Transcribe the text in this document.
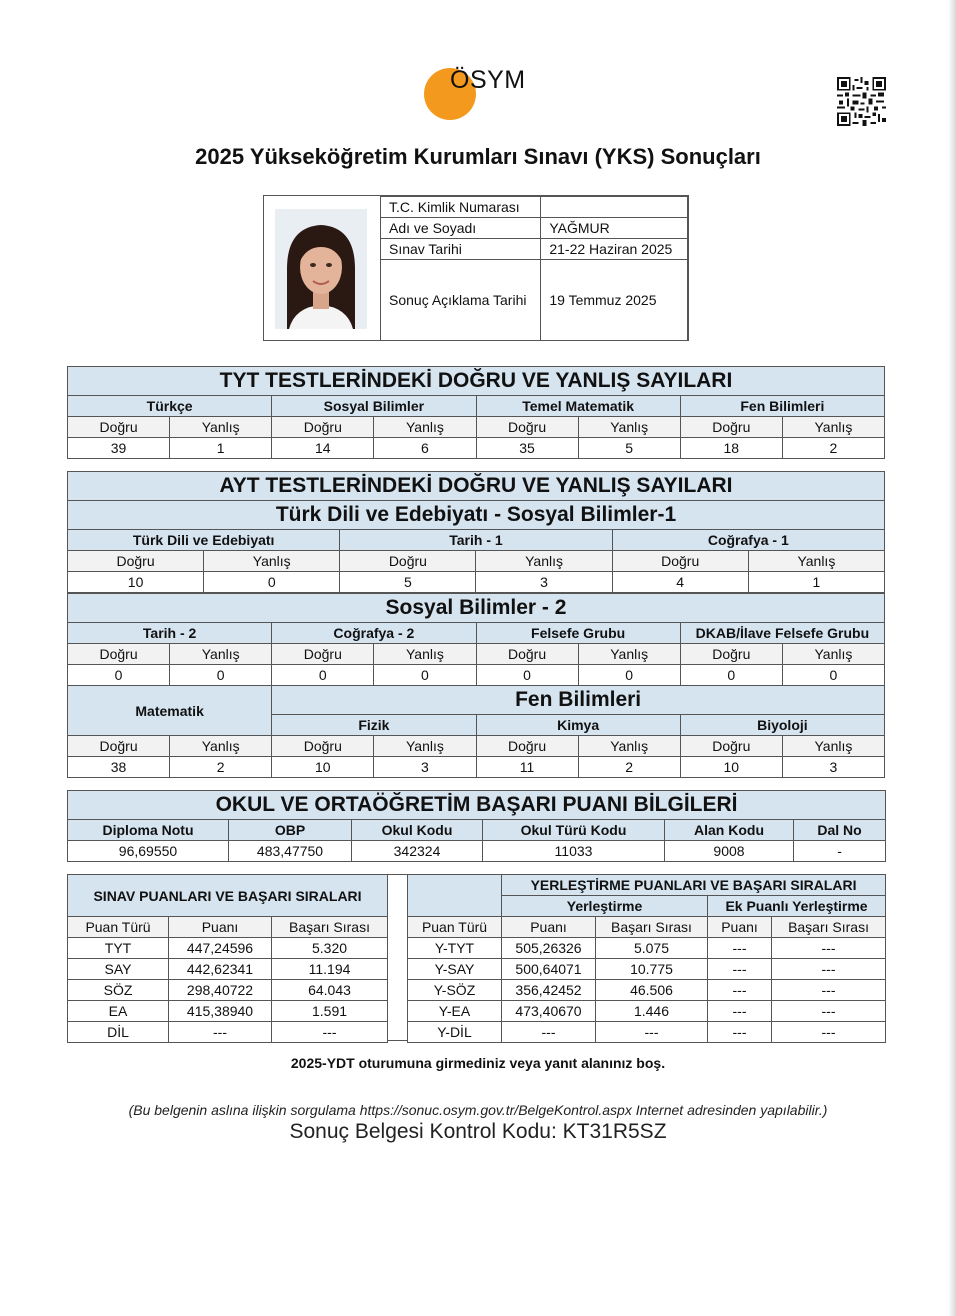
ÖSYM
2025 Yükseköğretim Kurumları Sınavı (YKS) Sonuçları
T.C. Kimlik Numarası	
Adı ve Soyadı	YAĞMUR
Sınav Tarihi	21-22 Haziran 2025
Sonuç Açıklama Tarihi	19 Temmuz 2025
TYT TESTLERİNDEKİ DOĞRU VE YANLIŞ SAYILARI							
Türkçe		Sosyal Bilimler		Temel Matematik		Fen Bilimleri	
Doğru	Yanlış	Doğru	Yanlış	Doğru	Yanlış	Doğru	Yanlış
39	1	14	6	35	5	18	2
AYT TESTLERİNDEKİ DOĞRU VE YANLIŞ SAYILARI					
Türk Dili ve Edebiyatı - Sosyal Bilimler-1					
Türk Dili ve Edebiyatı		Tarih - 1		Coğrafya - 1	
Doğru	Yanlış	Doğru	Yanlış	Doğru	Yanlış
10	0	5	3	4	1
Sosyal Bilimler - 2							
Tarih - 2		Coğrafya - 2		Felsefe Grubu		DKAB/İlave Felsefe Grubu	
Doğru	Yanlış	Doğru	Yanlış	Doğru	Yanlış	Doğru	Yanlış
0	0	0	0	0	0	0	0
Matematik		Fen Bilimleri					
		Fizik		Kimya		Biyoloji	
Doğru	Yanlış	Doğru	Yanlış	Doğru	Yanlış	Doğru	Yanlış
38	2	10	3	11	2	10	3
OKUL VE ORTAÖĞRETİM BAŞARI PUANI BİLGİLERİ					
Diploma Notu	OBP	Okul Kodu	Okul Türü Kodu	Alan Kodu	Dal No
96,69550	483,47750	342324	11033	9008	-
SINAV PUANLARI VE BAŞARI SIRALARI		
Puan Türü	Puanı	Başarı Sırası
TYT	447,24596	5.320
SAY	442,62341	11.194
SÖZ	298,40722	64.043
EA	415,38940	1.591
DİL	---	---
	YERLEŞTİRME PUANLARI VE BAŞARI SIRALARI			
	Yerleştirme		Ek Puanlı Yerleştirme	
Puan Türü	Puanı	Başarı Sırası	Puanı	Başarı Sırası
Y-TYT	505,26326	5.075	---	---
Y-SAY	500,64071	10.775	---	---
Y-SÖZ	356,42452	46.506	---	---
Y-EA	473,40670	1.446	---	---
Y-DİL	---	---	---	---
2025-YDT oturumuna girmediniz veya yanıt alanınız boş.
(Bu belgenin aslına ilişkin sorgulama https://sonuc.osym.gov.tr/BelgeKontrol.aspx Internet adresinden yapılabilir.)
Sonuç Belgesi Kontrol Kodu: KT31R5SZ
